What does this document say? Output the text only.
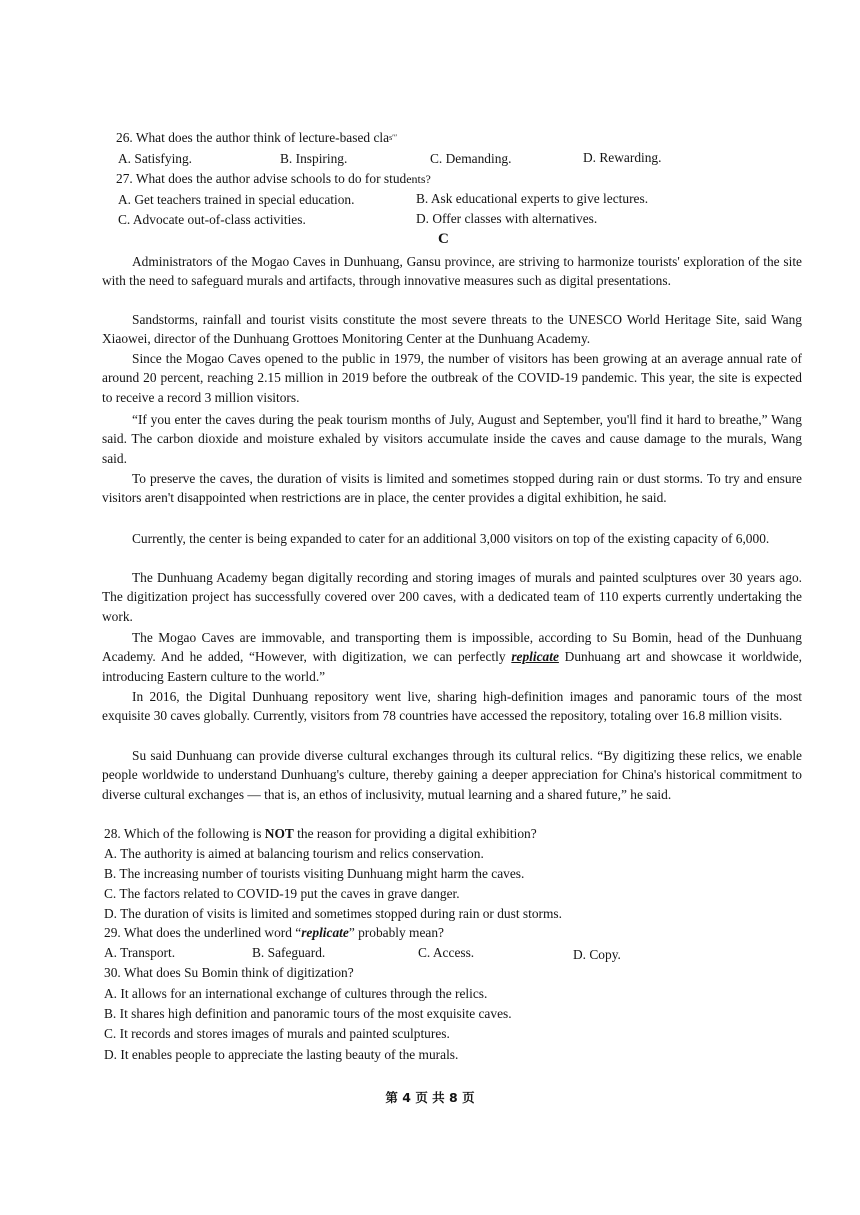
26. What does the author think of lecture-based cla$^{s'''}$
A. Satisfying.	B. Inspiring.	C. Demanding.	D. Rewarding.
27. What does the author advise schools to do for students?
A. Get teachers trained in special education.	B. Ask educational experts to give lectures.
C. Advocate out-of-class activities.	D. Offer classes with alternatives.
C
Administrators of the Mogao Caves in Dunhuang, Gansu province, are striving to harmonize tourists' exploration of the site with the need to safeguard murals and artifacts, through innovative measures such as digital presentations.
Sandstorms, rainfall and tourist visits constitute the most severe threats to the UNESCO World Heritage Site, said Wang Xiaowei, director of the Dunhuang Grottoes Monitoring Center at the Dunhuang Academy.
Since the Mogao Caves opened to the public in 1979, the number of visitors has been growing at an average annual rate of around 20 percent, reaching 2.15 million in 2019 before the outbreak of the COVID-19 pandemic. This year, the site is expected to receive a record 3 million visitors.
“If you enter the caves during the peak tourism months of July, August and September, you'll find it hard to breathe,” Wang said. The carbon dioxide and moisture exhaled by visitors accumulate inside the caves and cause damage to the murals, Wang said.
To preserve the caves, the duration of visits is limited and sometimes stopped during rain or dust storms. To try and ensure visitors aren't disappointed when restrictions are in place, the center provides a digital exhibition, he said.
Currently, the center is being expanded to cater for an additional 3,000 visitors on top of the existing capacity of 6,000.
The Dunhuang Academy began digitally recording and storing images of murals and painted sculptures over 30 years ago. The digitization project has successfully covered over 200 caves, with a dedicated team of 110 experts currently undertaking the work.
The Mogao Caves are immovable, and transporting them is impossible, according to Su Bomin, head of the Dunhuang Academy. And he added, “However, with digitization, we can perfectly replicate Dunhuang art and showcase it worldwide, introducing Eastern culture to the world.”
In 2016, the Digital Dunhuang repository went live, sharing high-definition images and panoramic tours of the most exquisite 30 caves globally. Currently, visitors from 78 countries have accessed the repository, totaling over 16.8 million visits.
Su said Dunhuang can provide diverse cultural exchanges through its cultural relics. “By digitizing these relics, we enable people worldwide to understand Dunhuang's culture, thereby gaining a deeper appreciation for China's historical commitment to diverse cultural exchanges — that is, an ethos of inclusivity, mutual learning and a shared future,” he said.
28. Which of the following is NOT the reason for providing a digital exhibition?
A. The authority is aimed at balancing tourism and relics conservation.
B. The increasing number of tourists visiting Dunhuang might harm the caves.
C. The factors related to COVID-19 put the caves in grave danger.
D. The duration of visits is limited and sometimes stopped during rain or dust storms.
29. What does the underlined word “replicate” probably mean?
A. Transport.	B. Safeguard.	C. Access.	D. Copy.
30. What does Su Bomin think of digitization?
A. It allows for an international exchange of cultures through the relics.
B. It shares high definition and panoramic tours of the most exquisite caves.
C. It records and stores images of murals and painted sculptures.
D. It enables people to appreciate the lasting beauty of the murals.
第 4 页 共 8 页
